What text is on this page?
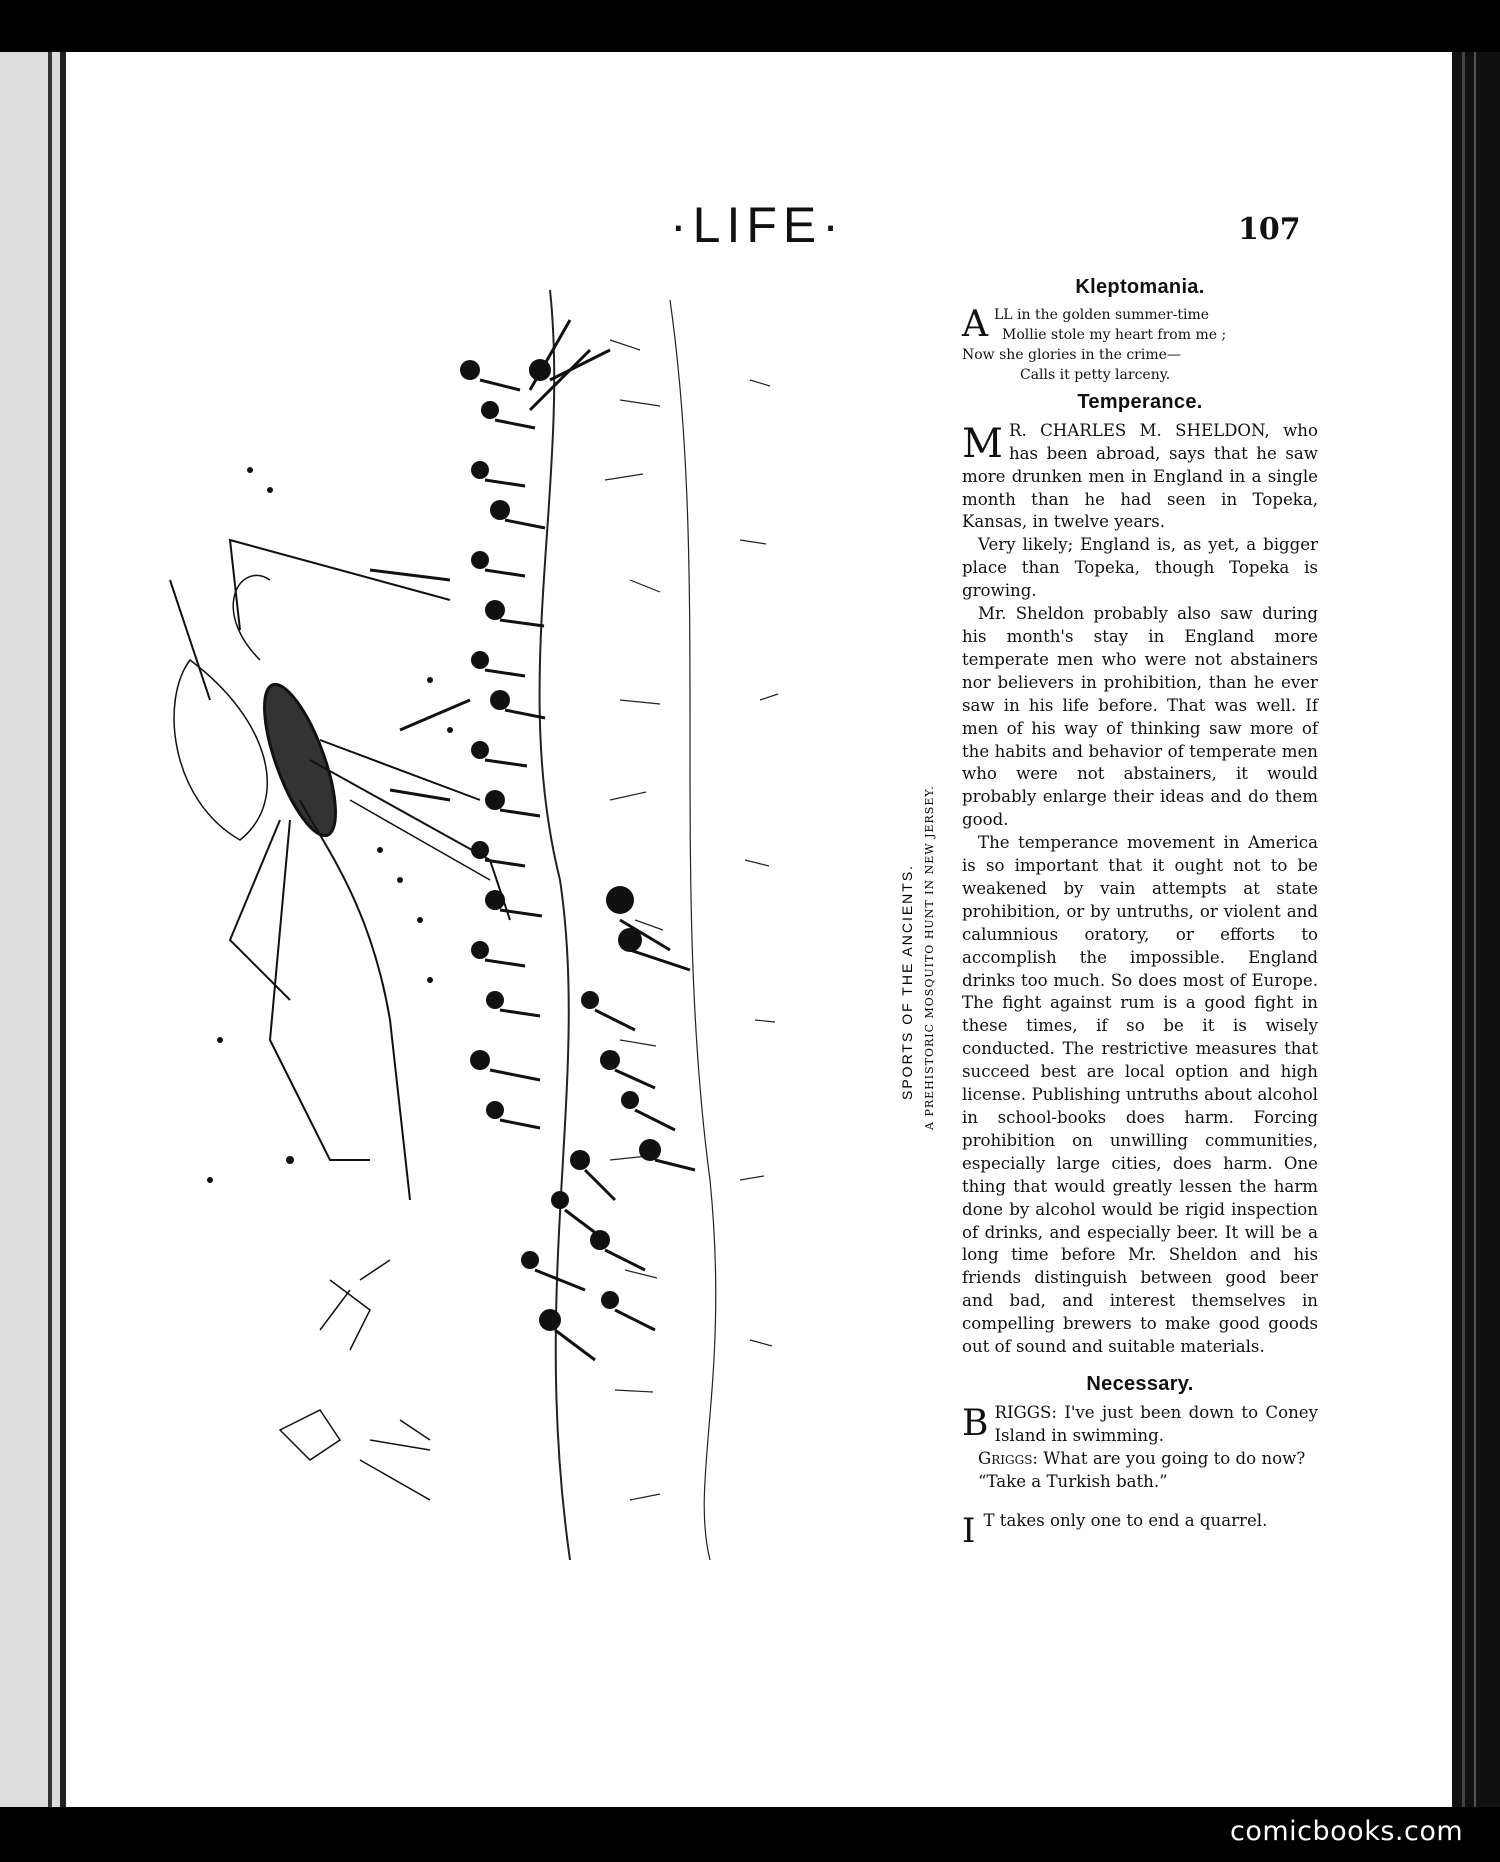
·LIFE·	107
SPORTS OF THE ANCIENTS. A PREHISTORIC MOSQUITO HUNT IN NEW JERSEY.
Kleptomania.
A LL in the golden summer-time
Mollie stole my heart from me ;
Now she glories in the crime—
Calls it petty larceny.
Temperance.

M R. CHARLES M. SHELDON, who has been abroad, says that he saw more drunken men in England in a single month than he had seen in Topeka, Kansas, in twelve years.

Very likely; England is, as yet, a bigger place than Topeka, though Topeka is growing.

Mr. Sheldon probably also saw during his month's stay in England more temperate men who were not abstainers nor believers in prohibition, than he ever saw in his life before. That was well. If men of his way of thinking saw more of the habits and behavior of temperate men who were not abstainers, it would probably enlarge their ideas and do them good.

The temperance movement in America is so important that it ought not to be weakened by vain attempts at state prohibition, or by untruths, or violent and calumnious oratory, or efforts to accomplish the impossible. England drinks too much. So does most of Europe. The fight against rum is a good fight in these times, if so be it is wisely conducted. The restrictive measures that succeed best are local option and high license. Publishing untruths about alcohol in school-books does harm. Forcing prohibition on unwilling communities, especially large cities, does harm. One thing that would greatly lessen the harm done by alcohol would be rigid inspection of drinks, and especially beer. It will be a long time before Mr. Sheldon and his friends distinguish between good beer and bad, and interest themselves in compelling brewers to make good goods out of sound and suitable materials.

Necessary.

BRIGGS: I've just been down to Coney Island in swimming.

Griggs: What are you going to do now?

“Take a Turkish bath.”

I T takes only one to end a quarrel.

comicbooks.com
